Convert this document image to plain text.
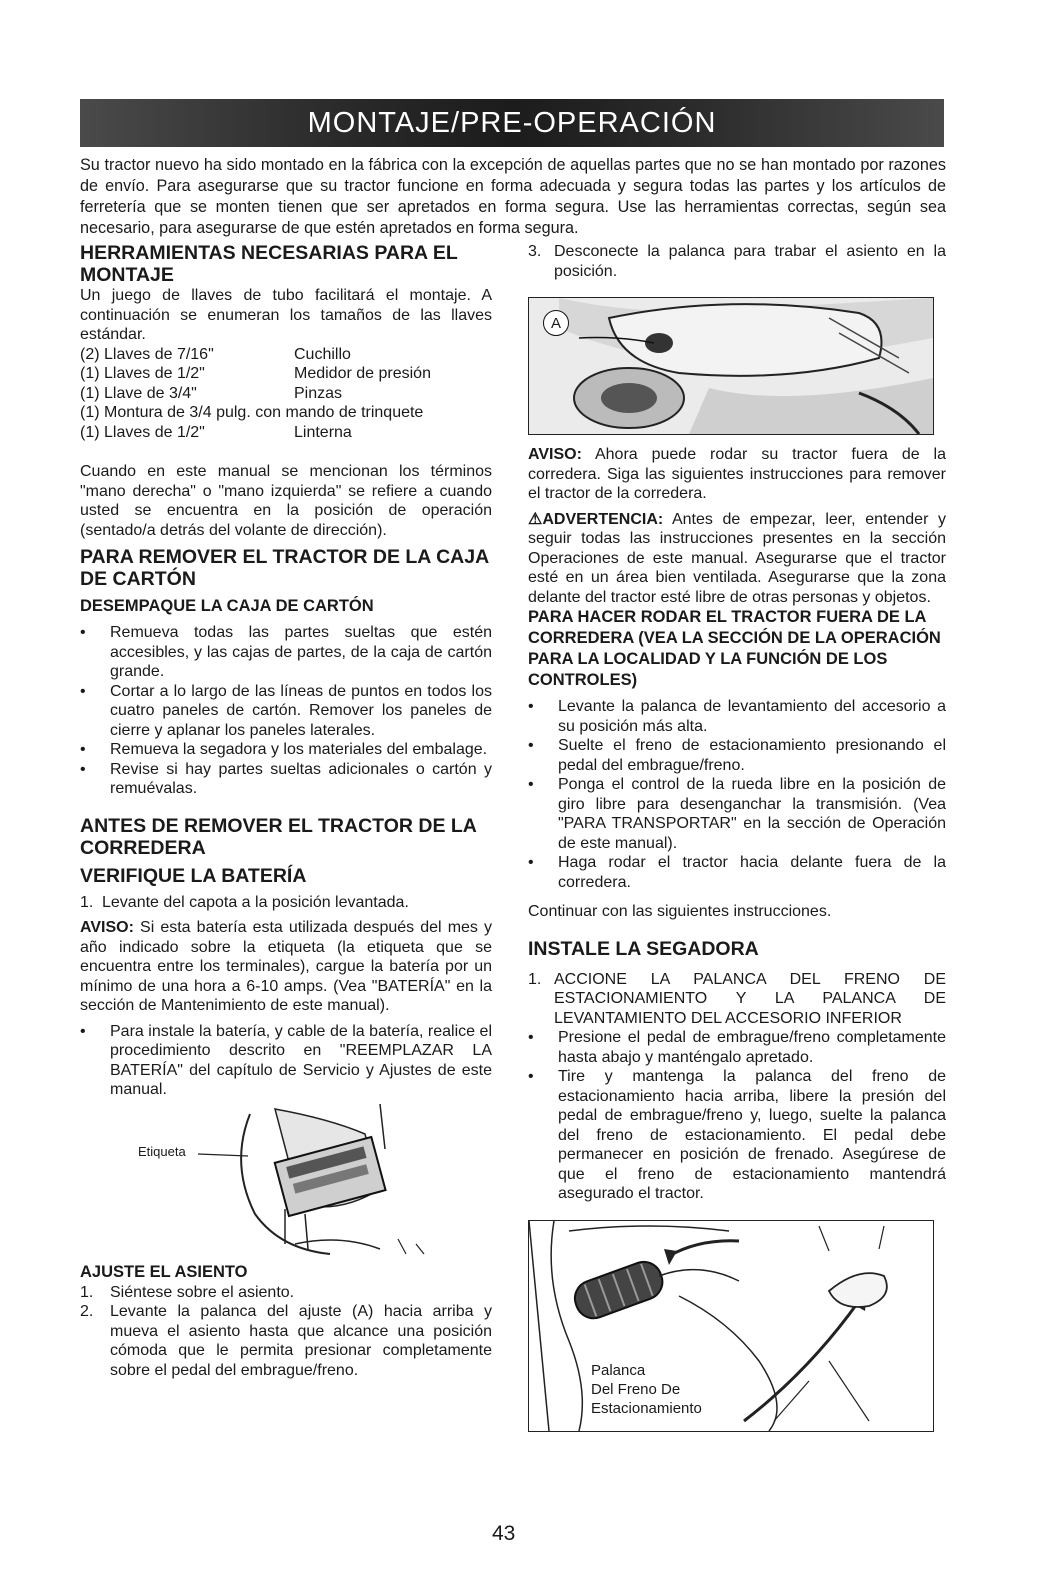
MONTAJE/PRE-OPERACIÓN

Su tractor nuevo ha sido montado en la fábrica con la excepción de aquellas partes que no se han montado por razones de envío. Para asegurarse que su tractor funcione en forma adecuada y segura todas las partes y los artículos de ferretería que se monten tienen que ser apretados en forma segura. Use las herramientas correctas, según sea necesario, para asegurarse de que estén apretados en forma segura.

HERRAMIENTAS NECESARIAS PARA EL MONTAJE

Un juego de llaves de tubo facilitará el montaje. A continuación se enumeran los tamaños de las llaves estándar.

(2) Llaves de 7/16"	Cuchillo
(1) Llaves de 1/2"	Medidor de presión
(1) Llave de 3/4"	Pinzas
(1) Montura de 3/4 pulg. con mando de trinquete
(1) Llaves de 1/2"	Linterna

Cuando en este manual se mencionan los términos "mano derecha" o "mano izquierda" se refiere a cuando usted se encuentra en la posición de operación (sentado/a detrás del volante de dirección).

PARA REMOVER EL TRACTOR DE LA CAJA DE CARTÓN
DESEMPAQUE LA CAJA DE CARTÓN
• Remueva todas las partes sueltas que estén accesibles, y las cajas de partes, de la caja de cartón grande.
• Cortar a lo largo de las líneas de puntos en todos los cuatro paneles de cartón. Remover los paneles de cierre y aplanar los paneles laterales.
• Remueva la segadora y los materiales del embalage.
• Revise si hay partes sueltas adicionales o cartón y remuévalas.
ANTES DE REMOVER EL TRACTOR DE LA CORREDERA
VERIFIQUE LA BATERÍA
1. Levante del capota a la posición levantada.

AVISO: Si esta batería esta utilizada después del mes y año indicado sobre la etiqueta (la etiqueta que se encuentra entre los terminales), cargue la batería por un mínimo de una hora a 6-10 amps. (Vea "BATERÍA" en la sección de Mantenimiento de este manual).

• Para instale la batería, y cable de la batería, realice el procedimiento descrito en "REEMPLAZAR LA BATERÍA" del capítulo de Servicio y Ajustes de este manual.
Etiqueta
AJUSTE EL ASIENTO
1. Siéntese sobre el asiento.
2. Levante la palanca del ajuste (A) hacia arriba y mueva el asiento hasta que alcance una posición cómoda que le permita presionar completamente sobre el pedal del embrague/freno.
3. Desconecte la palanca para trabar el asiento en la posición.
A

AVISO: Ahora puede rodar su tractor fuera de la corredera. Siga las siguientes instrucciones para remover el tractor de la corredera.

⚠ADVERTENCIA: Antes de empezar, leer, entender y seguir todas las instrucciones presentes en la sección Operaciones de este manual. Asegurarse que el tractor esté en un área bien ventilada. Asegurarse que la zona delante del tractor esté libre de otras personas y objetos.

PARA HACER RODAR EL TRACTOR FUERA DE LA CORREDERA (VEA LA SECCIÓN DE LA OPERACIÓN PARA LA LOCALIDAD Y LA FUNCIÓN DE LOS CONTROLES)
• Levante la palanca de levantamiento del accesorio a su posición más alta.
• Suelte el freno de estacionamiento presionando el pedal del embrague/freno.
• Ponga el control de la rueda libre en la posición de giro libre para desenganchar la transmisión. (Vea "PARA TRANSPORTAR" en la sección de Operación de este manual).
• Haga rodar el tractor hacia delante fuera de la corredera.

Continuar con las siguientes instrucciones.

INSTALE LA SEGADORA
1. ACCIONE LA PALANCA DEL FRENO DE ESTACIONAMIENTO Y LA PALANCA DE LEVANTAMIENTO DEL ACCESORIO INFERIOR
• Presione el pedal de embrague/freno completamente hasta abajo y manténgalo apretado.
• Tire y mantenga la palanca del freno de estacionamiento hacia arriba, libere la presión del pedal de embrague/freno y, luego, suelte la palanca del freno de estacionamiento. El pedal debe permanecer en posición de frenado. Asegúrese de que el freno de estacionamiento mantendrá asegurado el tractor.
Palanca
Del Freno De
Estacionamiento
43
